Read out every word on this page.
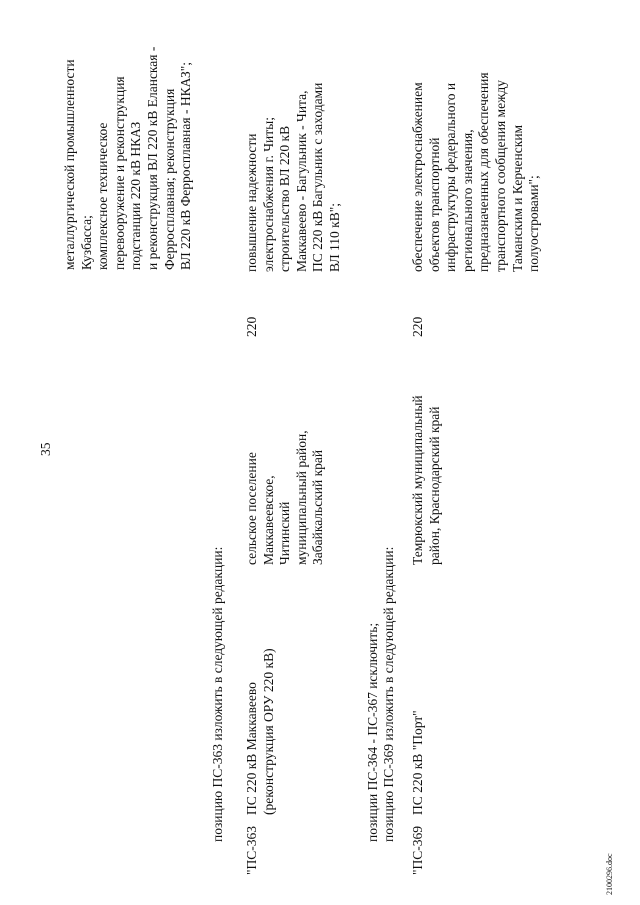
35
позицию ПС-363 изложить в следующей редакции:	позиции ПС-364 - ПС-367 исключить; позицию ПС-369 изложить в следующей редакции:
"ПС-363
ПС 220 кВ Маккавеево (реконструкция ОРУ 220 кВ)
сельское поселение Маккавеевское, Читинский муниципальный район, Забайкальский край
220
повышение надежности электроснабжения г. Читы; строительство ВЛ 220 кВ Маккавеево - Багульник - Чита, ПС 220 кВ Багульник с заходами ВЛ 110 кВ";
"ПС-369
ПС 220 кВ "Порт"
Темрюкский муниципальный район, Краснодарский край
220
обеспечение электроснабжением объектов транспортной инфраструктуры федерального и регионального значения, предназначенных для обеспечения транспортного сообщения между Таманским и Керченским полуостровами";
металлургической промышленности Кузбасса; комплексное техническое перевооружение и реконструкция подстанции 220 кВ НКАЗ и реконструкция ВЛ 220 кВ Еланская - Ферросплавная; реконструкция ВЛ 220 кВ Ферросплавная - НКАЗ";
2100296.doc
